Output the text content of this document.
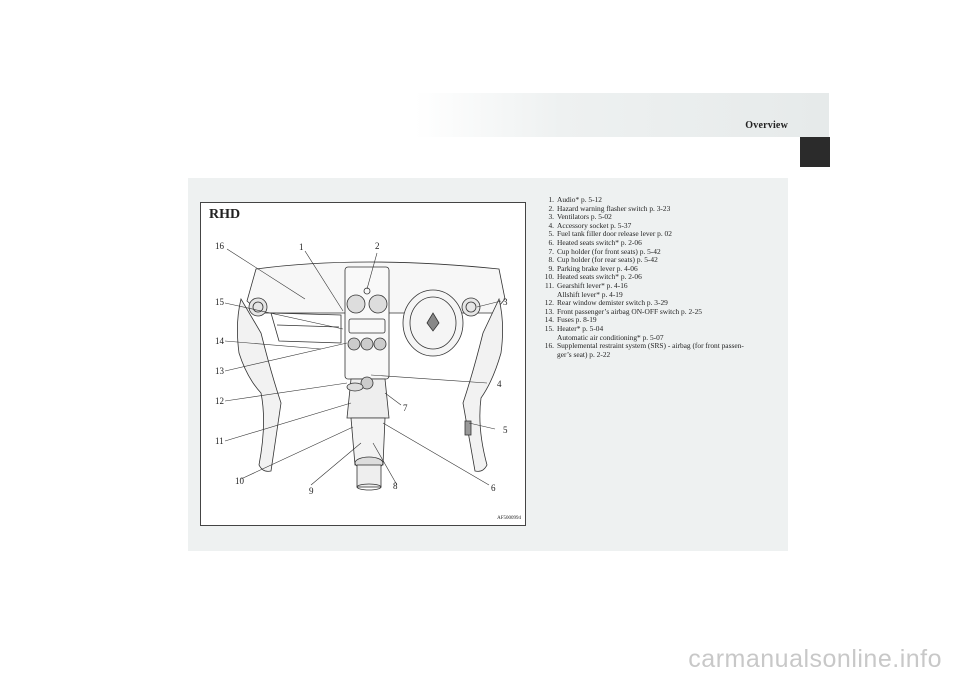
Overview
16	1	2
15	3
14
13
4
12
7
5
11
10
9	8	6
RHD
AF5000994
1. Audio* p. 5-12
2. Hazard warning flasher switch p. 3-23
3. Ventilators p. 5-02
4. Accessory socket p. 5-37
5. Fuel tank filler door release lever p. 02
6. Heated seats switch* p. 2-06
7. Cup holder (for front seats) p. 5-42
8. Cup holder (for rear seats) p. 5-42
9. Parking brake lever p. 4-06
10. Heated seats switch* p. 2-06
11. Gearshift lever* p. 4-16
Allshift lever* p. 4-19
12. Rear window demister switch p. 3-29
13. Front passenger’s airbag ON-OFF switch p. 2-25
14. Fuses p. 8-19
15. Heater* p. 5-04
Automatic air conditioning* p. 5-07
16. Supplemental restraint system (SRS) - airbag (for front passen-
ger’s seat) p. 2-22
carmanualsonline.info
